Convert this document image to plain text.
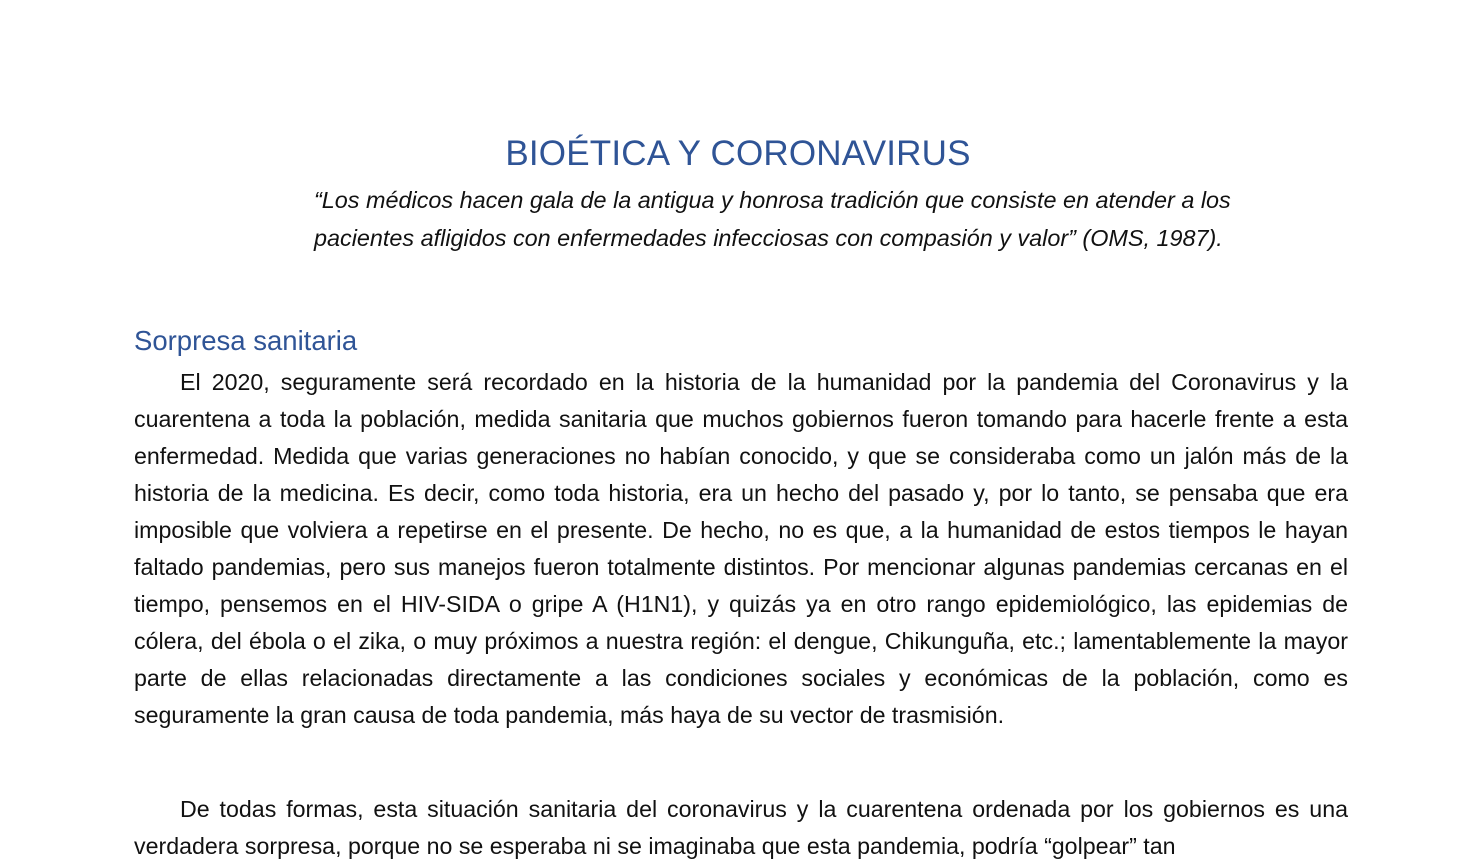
BIOÉTICA Y CORONAVIRUS

“Los médicos hacen gala de la antigua y honrosa tradición que consiste en atender a los
pacientes afligidos con enfermedades infecciosas con compasión y valor” (OMS, 1987).

Sorpresa sanitaria

El 2020, seguramente será recordado en la historia de la humanidad por la pandemia del Coronavirus y la cuarentena a toda la población, medida sanitaria que muchos gobiernos fueron tomando para hacerle frente a esta enfermedad. Medida que varias generaciones no habían conocido, y que se consideraba como un jalón más de la historia de la medicina. Es decir, como toda historia, era un hecho del pasado y, por lo tanto, se pensaba que era imposible que volviera a repetirse en el presente. De hecho, no es que, a la humanidad de estos tiempos le hayan faltado pandemias, pero sus manejos fueron totalmente distintos. Por mencionar algunas pandemias cercanas en el tiempo, pensemos en el HIV-SIDA o gripe A (H1N1), y quizás ya en otro rango epidemiológico, las epidemias de cólera, del ébola o el zika, o muy próximos a nuestra región: el dengue, Chikunguña, etc.; lamentablemente la mayor parte de ellas relacionadas directamente a las condiciones sociales y económicas de la población, como es seguramente la gran causa de toda pandemia, más haya de su vector de trasmisión.

De todas formas, esta situación sanitaria del coronavirus y la cuarentena ordenada por los gobiernos es una verdadera sorpresa, porque no se esperaba ni se imaginaba que esta pandemia, podría “golpear” tan
